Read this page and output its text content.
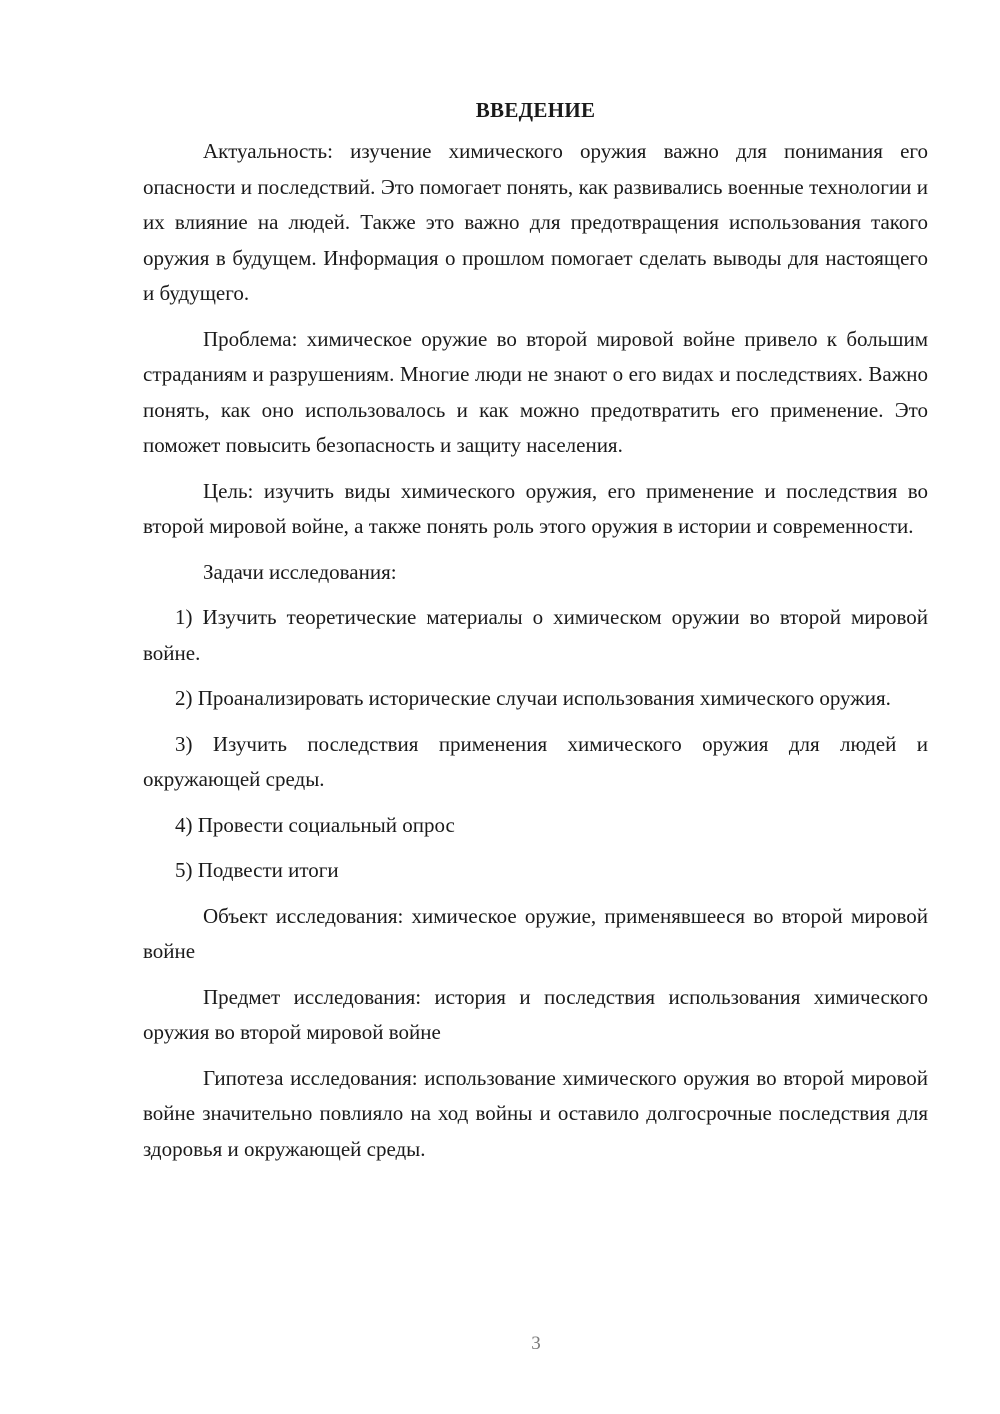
ВВЕДЕНИЕ

Актуальность: изучение химического оружия важно для понимания его опасности и последствий. Это помогает понять, как развивались военные технологии и их влияние на людей. Также это важно для предотвращения использования такого оружия в будущем. Информация о прошлом помогает сделать выводы для настоящего и будущего.

Проблема: химическое оружие во второй мировой войне привело к большим страданиям и разрушениям. Многие люди не знают о его видах и последствиях. Важно понять, как оно использовалось и как можно предотвратить его применение. Это поможет повысить безопасность и защиту населения.

Цель: изучить виды химического оружия, его применение и последствия во второй мировой войне, а также понять роль этого оружия в истории и современности.

Задачи исследования:

1) Изучить теоретические материалы о химическом оружии во второй мировой войне.

2) Проанализировать исторические случаи использования химического оружия.

3) Изучить последствия применения химического оружия для людей и окружающей среды.

4) Провести социальный опрос

5) Подвести итоги

Объект исследования: химическое оружие, применявшееся во второй мировой войне

Предмет исследования: история и последствия использования химического оружия во второй мировой войне

Гипотеза исследования: использование химического оружия во второй мировой войне значительно повлияло на ход войны и оставило долгосрочные последствия для здоровья и окружающей среды.

3
